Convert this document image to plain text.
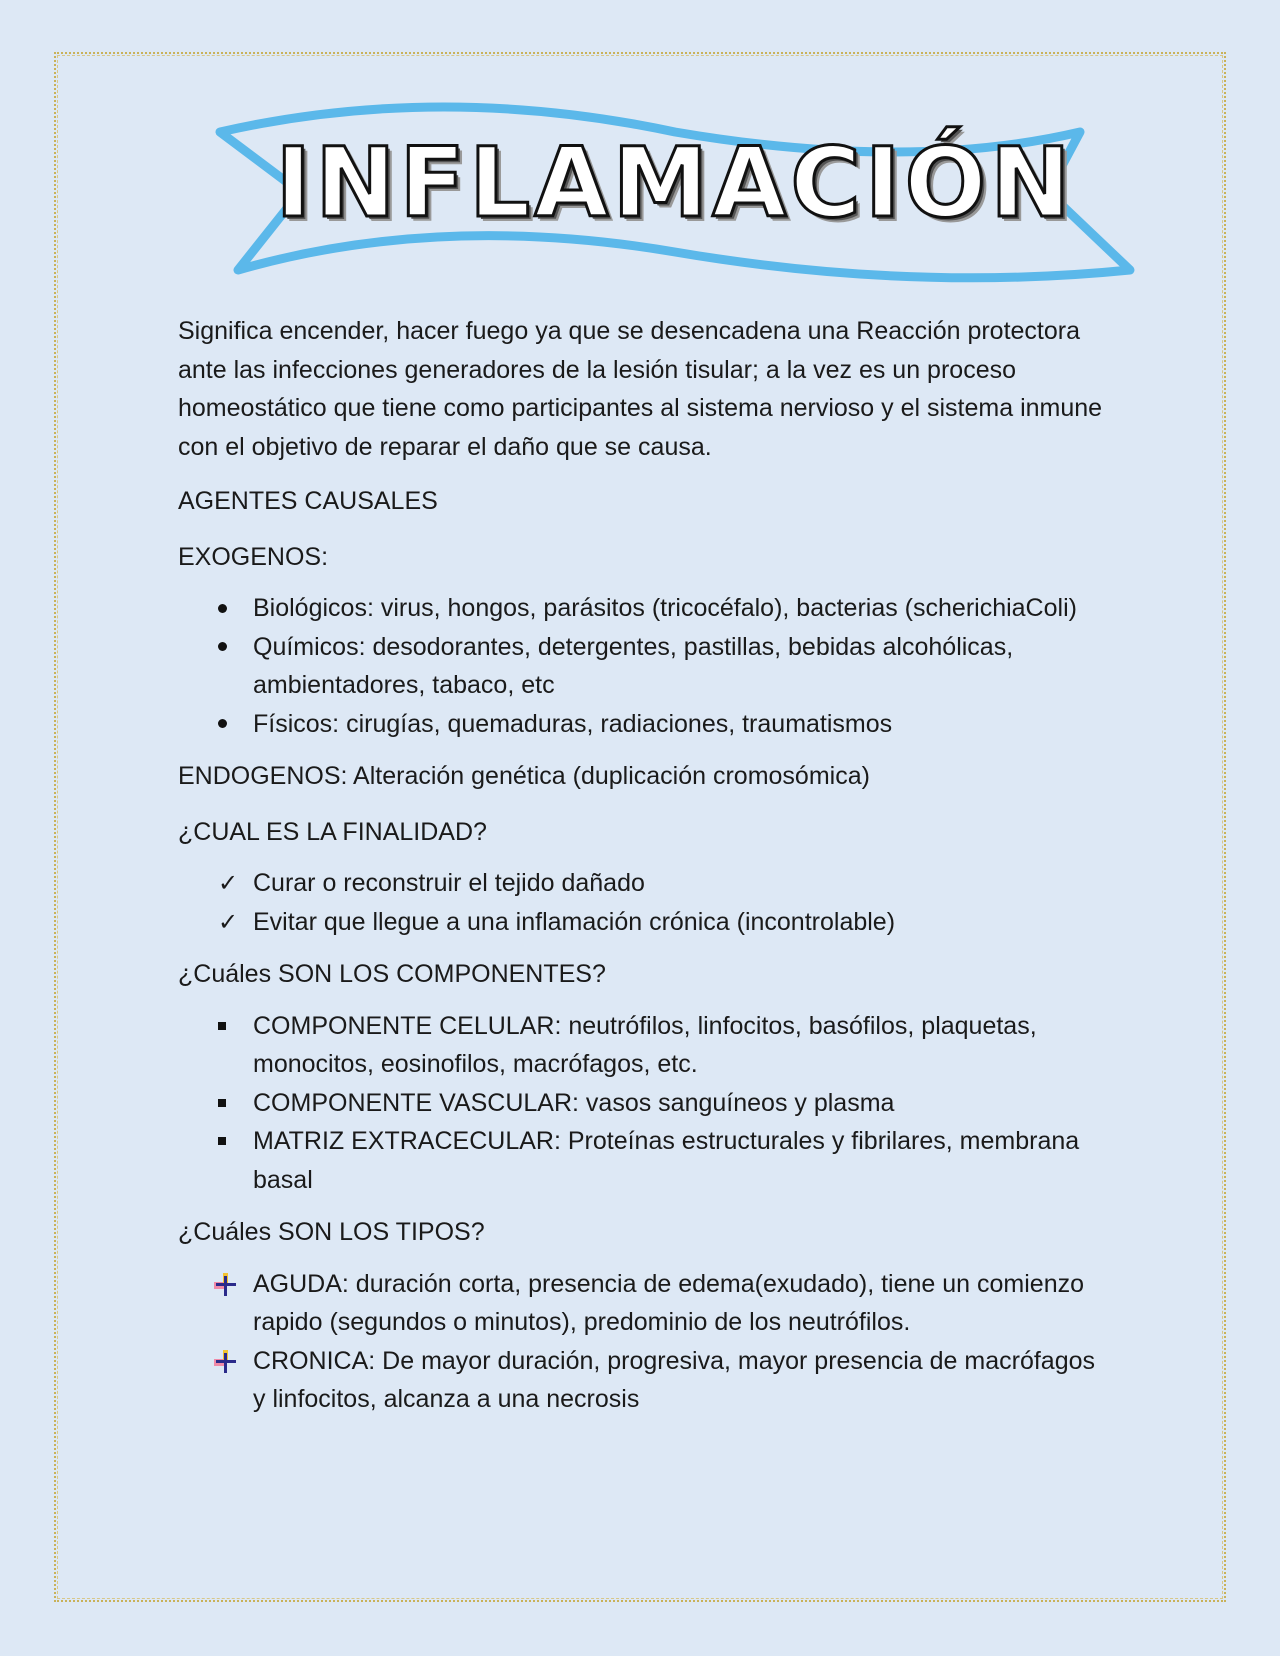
INFLAMACIÓN

Significa encender, hacer fuego ya que se desencadena una Reacción protectora ante las infecciones generadores de la lesión tisular; a la vez es un proceso homeostático que tiene como participantes al sistema nervioso y el sistema inmune con el objetivo de reparar el daño que se causa.

AGENTES CAUSALES

EXOGENOS:

Biológicos: virus, hongos, parásitos (tricocéfalo), bacterias (scherichiaColi)
Químicos: desodorantes, detergentes, pastillas, bebidas alcohólicas, ambientadores, tabaco, etc
Físicos: cirugías, quemaduras, radiaciones, traumatismos

ENDOGENOS: Alteración genética (duplicación cromosómica)

¿CUAL ES LA FINALIDAD?

✓ Curar o reconstruir el tejido dañado
✓ Evitar que llegue a una inflamación crónica (incontrolable)

¿Cuáles SON LOS COMPONENTES?

COMPONENTE CELULAR: neutrófilos, linfocitos, basófilos, plaquetas, monocitos, eosinofilos, macrófagos, etc.
COMPONENTE VASCULAR: vasos sanguíneos y plasma
MATRIZ EXTRACECULAR: Proteínas estructurales y fibrilares, membrana basal

¿Cuáles SON LOS TIPOS?

AGUDA: duración corta, presencia de edema(exudado), tiene un comienzo rapido (segundos o minutos), predominio de los neutrófilos.
CRONICA: De mayor duración, progresiva, mayor presencia de macrófagos y linfocitos, alcanza a una necrosis
